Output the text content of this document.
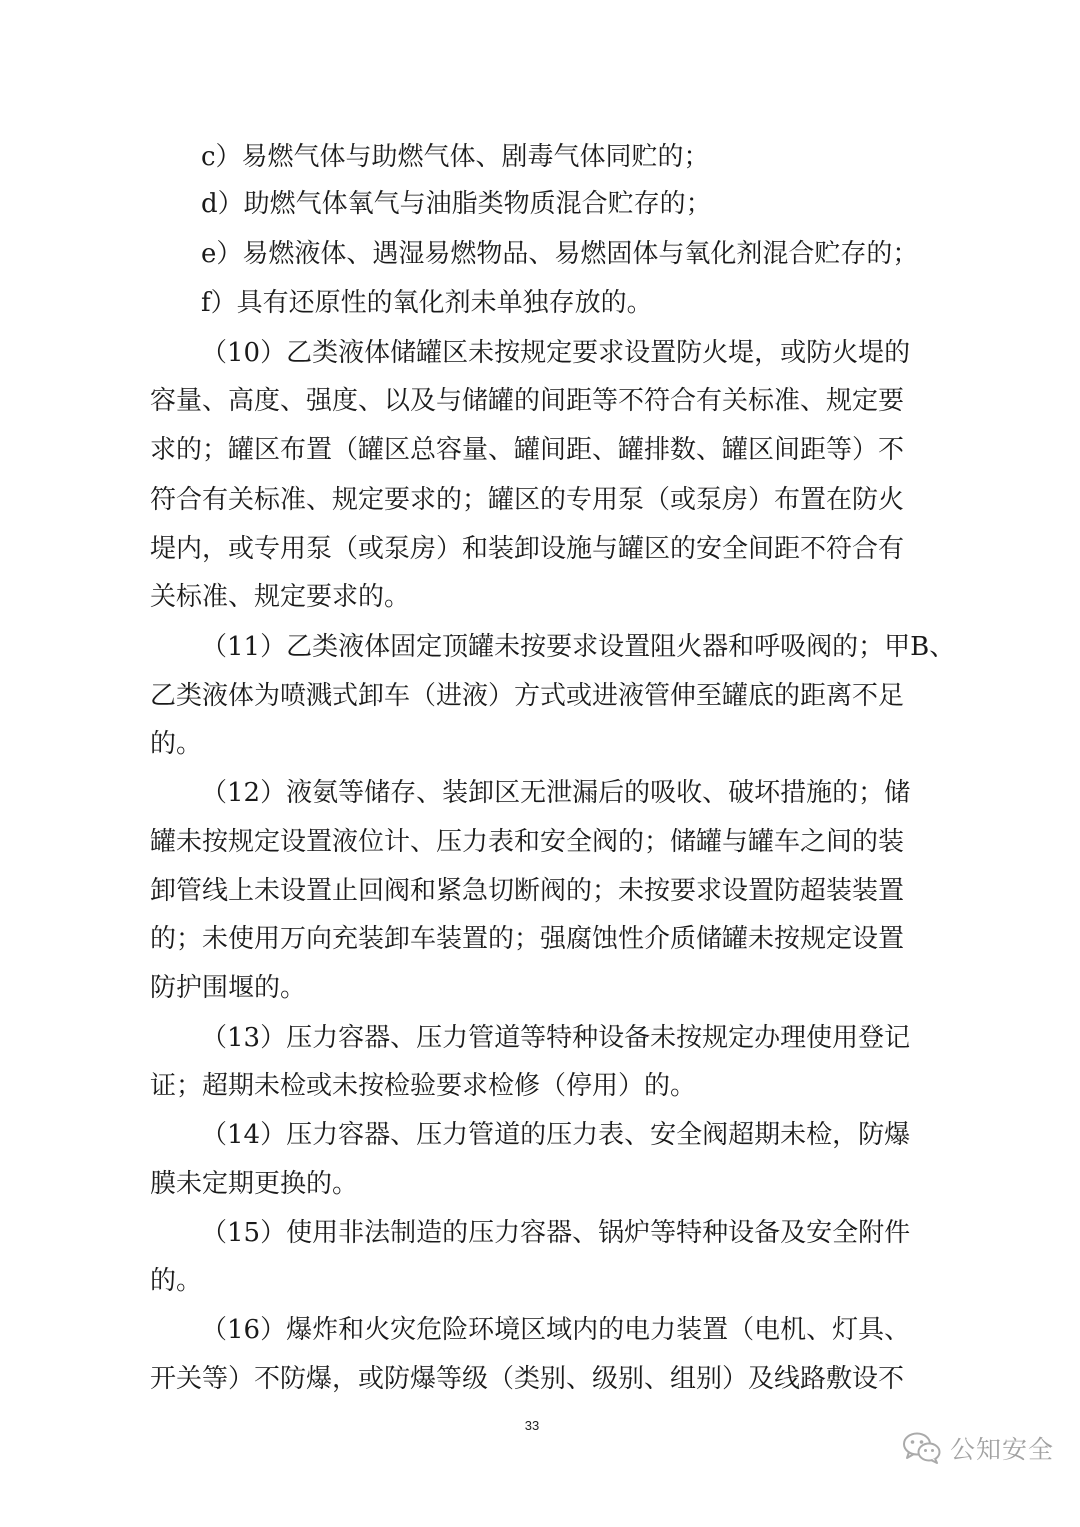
c）易燃气体与助燃气体、剧毒气体同贮的；
d）助燃气体氧气与油脂类物质混合贮存的；
e）易燃液体、遇湿易燃物品、易燃固体与氧化剂混合贮存的；
f）具有还原性的氧化剂未单独存放的。
（10）乙类液体储罐区未按规定要求设置防火堤，或防火堤的
容量、高度、强度、以及与储罐的间距等不符合有关标准、规定要
求的；罐区布置（罐区总容量、罐间距、罐排数、罐区间距等）不
符合有关标准、规定要求的；罐区的专用泵（或泵房）布置在防火
堤内，或专用泵（或泵房）和装卸设施与罐区的安全间距不符合有
关标准、规定要求的。
（11）乙类液体固定顶罐未按要求设置阻火器和呼吸阀的；甲B、
乙类液体为喷溅式卸车（进液）方式或进液管伸至罐底的距离不足
的。
（12）液氨等储存、装卸区无泄漏后的吸收、破坏措施的；储
罐未按规定设置液位计、压力表和安全阀的；储罐与罐车之间的装
卸管线上未设置止回阀和紧急切断阀的；未按要求设置防超装装置
的；未使用万向充装卸车装置的；强腐蚀性介质储罐未按规定设置
防护围堰的。
（13）压力容器、压力管道等特种设备未按规定办理使用登记
证；超期未检或未按检验要求检修（停用）的。
（14）压力容器、压力管道的压力表、安全阀超期未检，防爆
膜未定期更换的。
（15）使用非法制造的压力容器、锅炉等特种设备及安全附件
的。
（16）爆炸和火灾危险环境区域内的电力装置（电机、灯具、
开关等）不防爆，或防爆等级（类别、级别、组别）及线路敷设不
33
公知安全
